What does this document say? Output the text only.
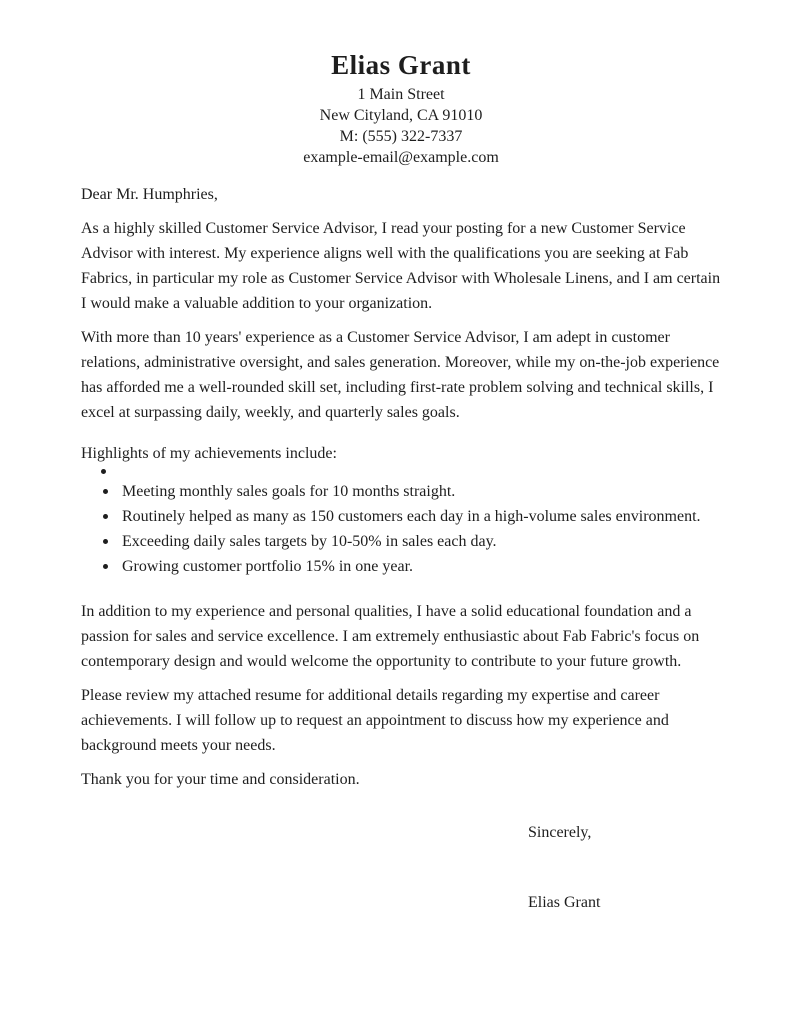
Elias Grant
1 Main Street
New Cityland, CA 91010
M: (555) 322-7337
example-email@example.com

Dear Mr. Humphries,

As a highly skilled Customer Service Advisor, I read your posting for a new Customer Service Advisor with interest. My experience aligns well with the qualifications you are seeking at Fab Fabrics, in particular my role as Customer Service Advisor with Wholesale Linens, and I am certain I would make a valuable addition to your organization.

With more than 10 years' experience as a Customer Service Advisor, I am adept in customer relations, administrative oversight, and sales generation. Moreover, while my on-the-job experience has afforded me a well-rounded skill set, including first-rate problem solving and technical skills, I excel at surpassing daily, weekly, and quarterly sales goals.

Highlights of my achievements include:

Meeting monthly sales goals for 10 months straight.
Routinely helped as many as 150 customers each day in a high-volume sales environment.
Exceeding daily sales targets by 10-50% in sales each day.
Growing customer portfolio 15% in one year.

In addition to my experience and personal qualities, I have a solid educational foundation and a passion for sales and service excellence. I am extremely enthusiastic about Fab Fabric's focus on contemporary design and would welcome the opportunity to contribute to your future growth.

Please review my attached resume for additional details regarding my expertise and career achievements. I will follow up to request an appointment to discuss how my experience and background meets your needs.

Thank you for your time and consideration.

Sincerely,

Elias Grant
